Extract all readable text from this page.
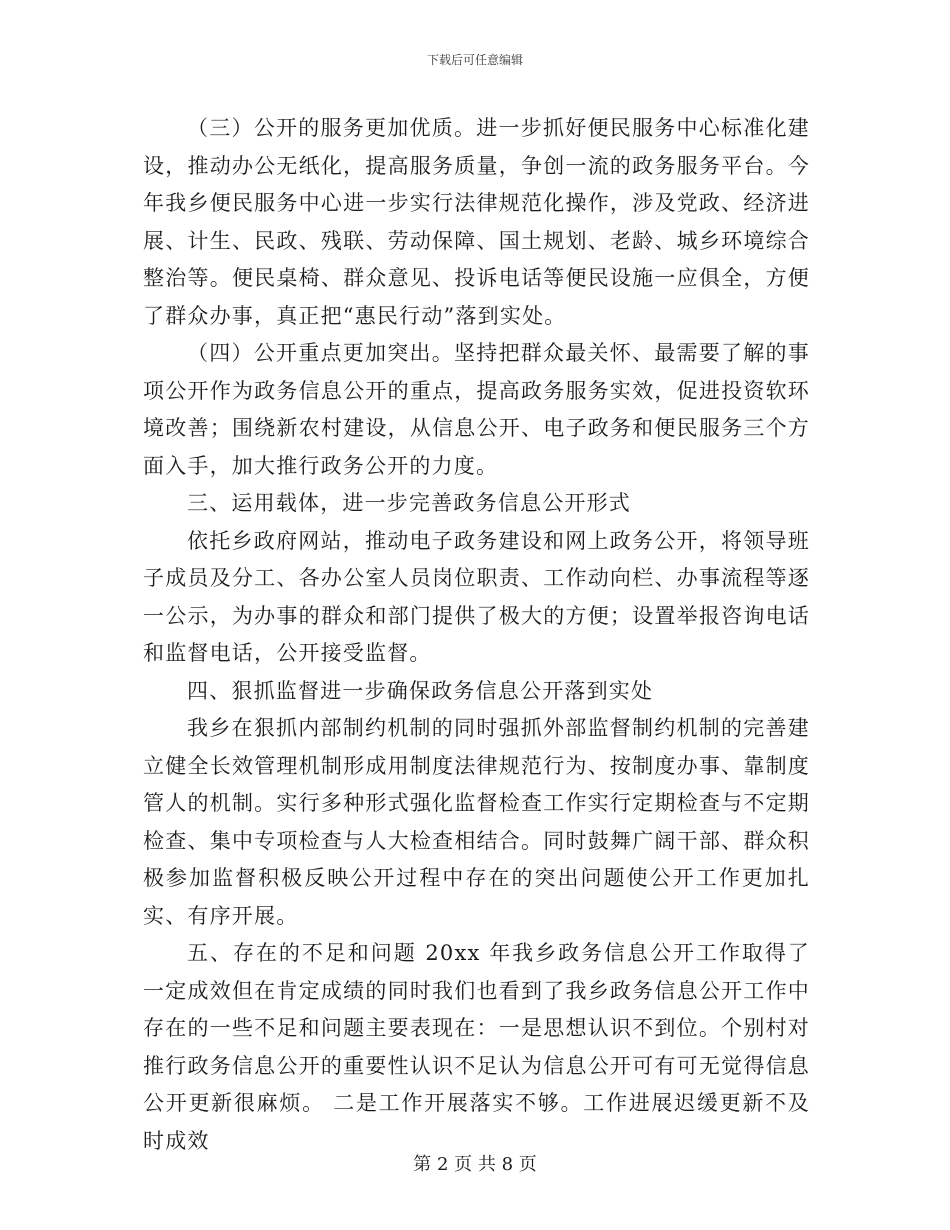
下载后可任意编辑

（三）公开的服务更加优质。进一步抓好便民服务中心标准化建设，推动办公无纸化，提高服务质量，争创一流的政务服务平台。今年我乡便民服务中心进一步实行法律规范化操作，涉及党政、经济进展、计生、民政、残联、劳动保障、国土规划、老龄、城乡环境综合整治等。便民桌椅、群众意见、投诉电话等便民设施一应俱全，方便了群众办事，真正把“惠民行动”落到实处。

（四）公开重点更加突出。坚持把群众最关怀、最需要了解的事项公开作为政务信息公开的重点，提高政务服务实效，促进投资软环境改善；围绕新农村建设，从信息公开、电子政务和便民服务三个方面入手，加大推行政务公开的力度。

三、运用载体，进一步完善政务信息公开形式

依托乡政府网站，推动电子政务建设和网上政务公开，将领导班子成员及分工、各办公室人员岗位职责、工作动向栏、办事流程等逐一公示，为办事的群众和部门提供了极大的方便；设置举报咨询电话和监督电话，公开接受监督。

四、狠抓监督进一步确保政务信息公开落到实处

我乡在狠抓内部制约机制的同时强抓外部监督制约机制的完善建立健全长效管理机制形成用制度法律规范行为、按制度办事、靠制度管人的机制。实行多种形式强化监督检查工作实行定期检查与不定期检查、集中专项检查与人大检查相结合。同时鼓舞广阔干部、群众积极参加监督积极反映公开过程中存在的突出问题使公开工作更加扎实、有序开展。

五、存在的不足和问题 20xx 年我乡政务信息公开工作取得了一定成效但在肯定成绩的同时我们也看到了我乡政务信息公开工作中存在的一些不足和问题主要表现在：一是思想认识不到位。个别村对推行政务信息公开的重要性认识不足认为信息公开可有可无觉得信息公开更新很麻烦。 二是工作开展落实不够。工作进展迟缓更新不及时成效

第 2 页 共 8 页
